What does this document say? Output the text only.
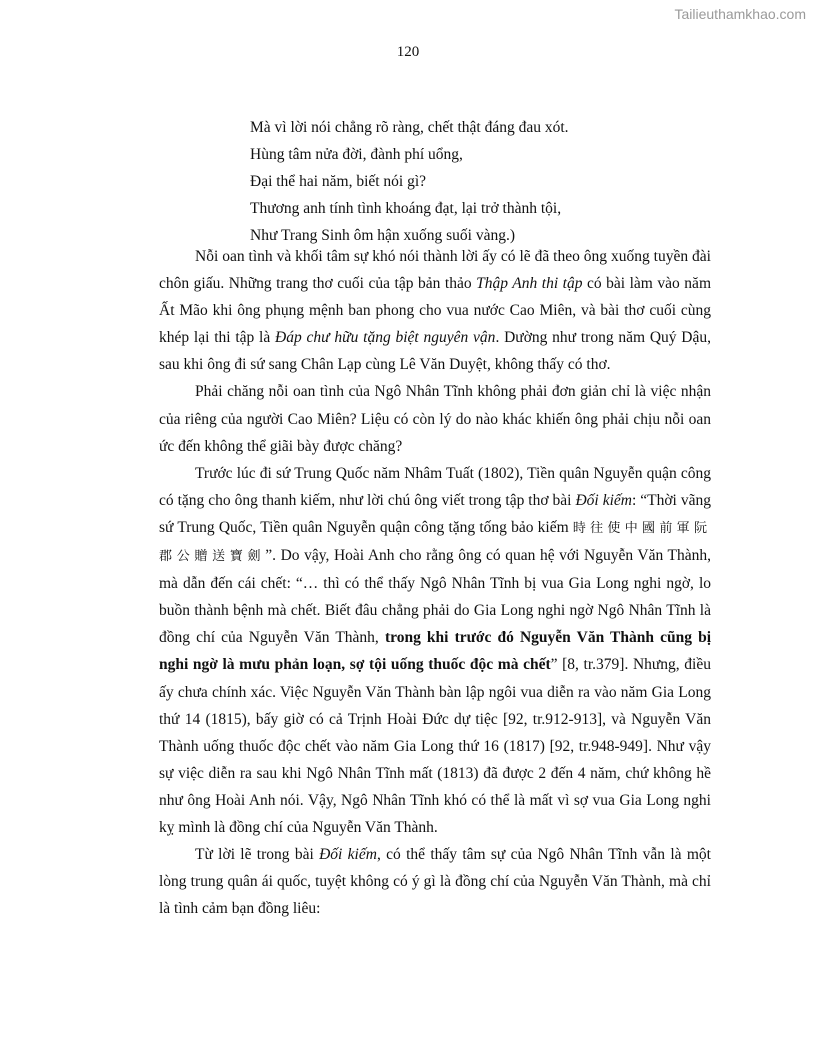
Tailieuthamkhao.com
120
Mà vì lời nói chẳng rõ ràng, chết thật đáng đau xót.
Hùng tâm nửa đời, đành phí uổng,
Đại thể hai năm, biết nói gì?
Thương anh tính tình khoáng đạt, lại trở thành tội,
Như Trang Sinh ôm hận xuống suối vàng.)

Nỗi oan tình và khối tâm sự khó nói thành lời ấy có lẽ đã theo ông xuống tuyền đài chôn giấu. Những trang thơ cuối của tập bản thảo Thập Anh thi tập có bài làm vào năm Ất Mão khi ông phụng mệnh ban phong cho vua nước Cao Miên, và bài thơ cuối cùng khép lại thi tập là Đáp chư hữu tặng biệt nguyên vận. Dường như trong năm Quý Dậu, sau khi ông đi sứ sang Chân Lạp cùng Lê Văn Duyệt, không thấy có thơ.

Phải chăng nỗi oan tình của Ngô Nhân Tĩnh không phải đơn giản chỉ là việc nhận của riêng của người Cao Miên? Liệu có còn lý do nào khác khiến ông phải chịu nỗi oan ức đến không thể giãi bày được chăng?

Trước lúc đi sứ Trung Quốc năm Nhâm Tuất (1802), Tiền quân Nguyễn quận công có tặng cho ông thanh kiếm, như lời chú ông viết trong tập thơ bài Đối kiếm: “Thời vãng sứ Trung Quốc, Tiền quân Nguyễn quận công tặng tống bảo kiếm 時往使中國前軍阮郡公贈送寶劍”. Do vậy, Hoài Anh cho rằng ông có quan hệ với Nguyễn Văn Thành, mà dẫn đến cái chết: “… thì có thể thấy Ngô Nhân Tĩnh bị vua Gia Long nghi ngờ, lo buồn thành bệnh mà chết. Biết đâu chẳng phải do Gia Long nghi ngờ Ngô Nhân Tĩnh là đồng chí của Nguyễn Văn Thành, trong khi trước đó Nguyễn Văn Thành cũng bị nghi ngờ là mưu phản loạn, sợ tội uống thuốc độc mà chết” [8, tr.379]. Nhưng, điều ấy chưa chính xác. Việc Nguyễn Văn Thành bàn lập ngôi vua diễn ra vào năm Gia Long thứ 14 (1815), bấy giờ có cả Trịnh Hoài Đức dự tiệc [92, tr.912-913], và Nguyễn Văn Thành uống thuốc độc chết vào năm Gia Long thứ 16 (1817) [92, tr.948-949]. Như vậy sự việc diễn ra sau khi Ngô Nhân Tĩnh mất (1813) đã được 2 đến 4 năm, chứ không hề như ông Hoài Anh nói. Vậy, Ngô Nhân Tĩnh khó có thể là mất vì sợ vua Gia Long nghi kỵ mình là đồng chí của Nguyễn Văn Thành.

Từ lời lẽ trong bài Đối kiếm, có thể thấy tâm sự của Ngô Nhân Tĩnh vẫn là một lòng trung quân ái quốc, tuyệt không có ý gì là đồng chí của Nguyễn Văn Thành, mà chỉ là tình cảm bạn đồng liêu:
